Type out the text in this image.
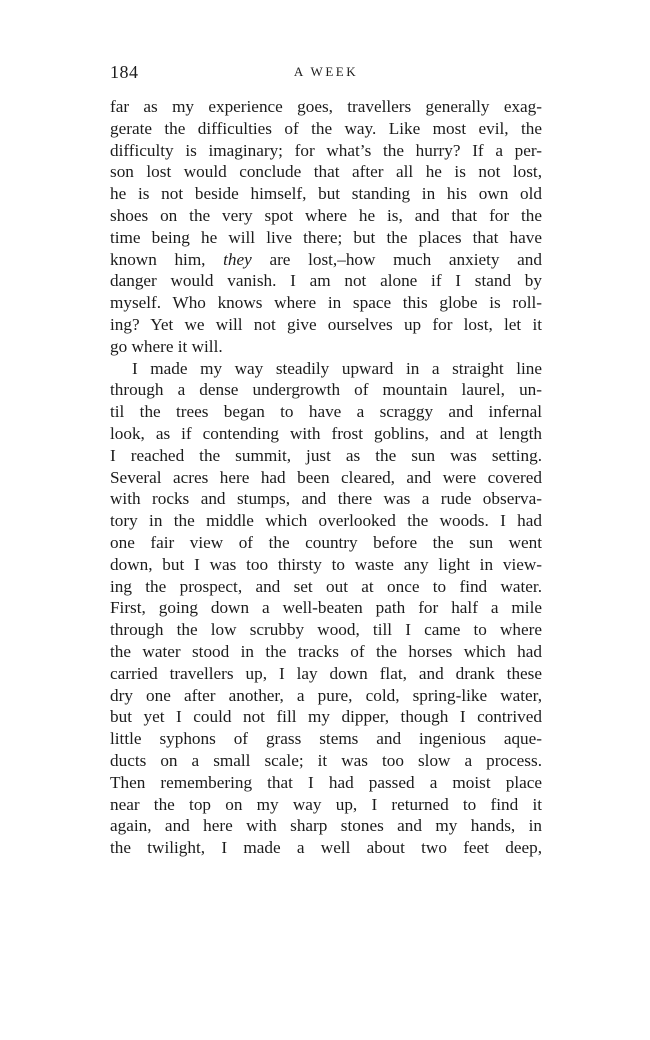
184	A WEEK
far as my experience goes, travellers generally exag-
gerate the difficulties of the way. Like most evil, the
difficulty is imaginary; for what’s the hurry? If a per-
son lost would conclude that after all he is not lost,
he is not beside himself, but standing in his own old
shoes on the very spot where he is, and that for the
time being he will live there; but the places that have
known him, they are lost,–how much anxiety and
danger would vanish. I am not alone if I stand by
myself. Who knows where in space this globe is roll-
ing? Yet we will not give ourselves up for lost, let it
go where it will.
I made my way steadily upward in a straight line
through a dense undergrowth of mountain laurel, un-
til the trees began to have a scraggy and infernal
look, as if contending with frost goblins, and at length
I reached the summit, just as the sun was setting.
Several acres here had been cleared, and were covered
with rocks and stumps, and there was a rude observa-
tory in the middle which overlooked the woods. I had
one fair view of the country before the sun went
down, but I was too thirsty to waste any light in view-
ing the prospect, and set out at once to find water.
First, going down a well-beaten path for half a mile
through the low scrubby wood, till I came to where
the water stood in the tracks of the horses which had
carried travellers up, I lay down flat, and drank these
dry one after another, a pure, cold, spring-like water,
but yet I could not fill my dipper, though I contrived
little syphons of grass stems and ingenious aque-
ducts on a small scale; it was too slow a process.
Then remembering that I had passed a moist place
near the top on my way up, I returned to find it
again, and here with sharp stones and my hands, in
the twilight, I made a well about two feet deep,
